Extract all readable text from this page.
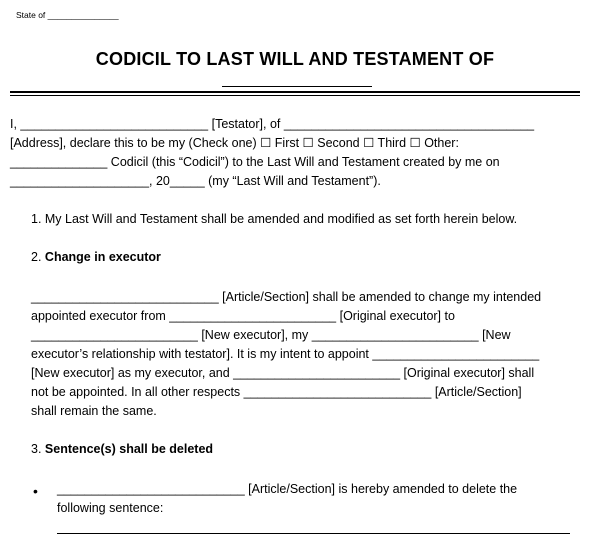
State of _______________
CODICIL TO LAST WILL AND TESTAMENT OF
I, ___________________________ [Testator], of ____________________________________
[Address], declare this to be my (Check one) ☐ First ☐ Second ☐ Third ☐ Other:
______________ Codicil (this “Codicil”) to the Last Will and Testament created by me on
____________________, 20_____ (my “Last Will and Testament”).
1. My Last Will and Testament shall be amended and modified as set forth herein below.
2. Change in executor
___________________________ [Article/Section] shall be amended to change my intended
appointed executor from ________________________ [Original executor] to
________________________ [New executor], my ________________________ [New
executor’s relationship with testator]. It is my intent to appoint ________________________
[New executor] as my executor, and ________________________ [Original executor] shall
not be appointed. In all other respects ___________________________ [Article/Section]
shall remain the same.
3. Sentence(s) shall be deleted
• ___________________________ [Article/Section] is hereby amended to delete the
following sentence:
